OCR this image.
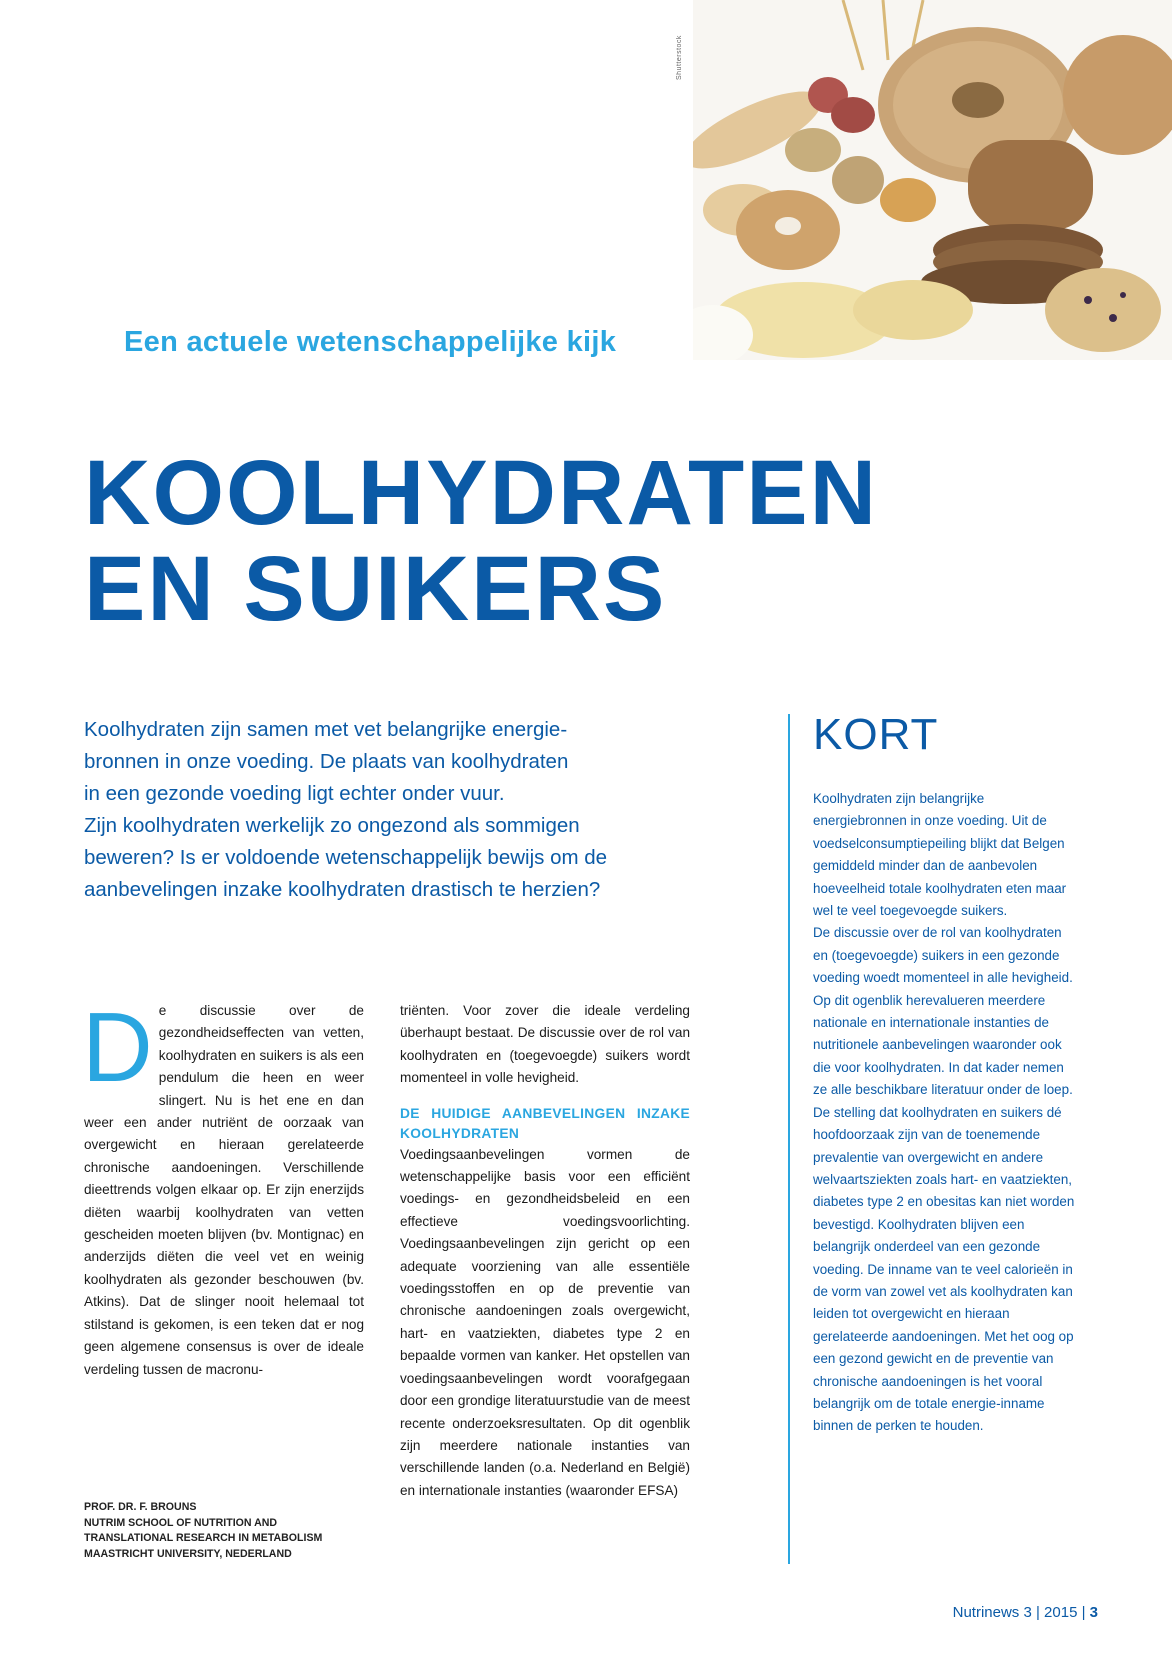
Shutterstock
Een actuele wetenschappelijke kijk
KOOLHYDRATEN
EN SUIKERS

Koolhydraten zijn samen met vet belangrijke energie-

bronnen in onze voeding. De plaats van koolhydraten

in een gezonde voeding ligt echter onder vuur.

Zijn koolhydraten werkelijk zo ongezond als sommigen

beweren? Is er voldoende wetenschappelijk bewijs om de

aanbevelingen inzake koolhydraten drastisch te herzien?

D e discussie over de gezondheidseffecten van vetten, koolhydraten en suikers is als een pendulum die heen en weer slingert. Nu is het ene en dan weer een ander nutriënt de oorzaak van overgewicht en hieraan gerelateerde chronische aandoeningen. Verschillende dieettrends volgen elkaar op. Er zijn enerzijds diëten waarbij koolhydraten van vetten gescheiden moeten blijven (bv. Montignac) en anderzijds diëten die veel vet en weinig koolhydraten als gezonder beschouwen (bv. Atkins). Dat de slinger nooit helemaal tot stilstand is gekomen, is een teken dat er nog geen algemene consensus is over de ideale verdeling tussen de macronu-

triënten. Voor zover die ideale verdeling überhaupt bestaat. De discussie over de rol van koolhydraten en (toegevoegde) suikers wordt momenteel in volle hevigheid.

DE HUIDIGE AANBEVELINGEN INZAKE KOOLHYDRATEN

Voedingsaanbevelingen vormen de wetenschappelijke basis voor een efficiënt voedings- en gezondheidsbeleid en een effectieve voedingsvoorlichting. Voedingsaanbevelingen zijn gericht op een adequate voorziening van alle essentiële voedingsstoffen en op de preventie van chronische aandoeningen zoals overgewicht, hart- en vaatziekten, diabetes type 2 en bepaalde vormen van kanker. Het opstellen van voedingsaanbevelingen wordt voorafgegaan door een grondige literatuurstudie van de meest recente onderzoeksresultaten. Op dit ogenblik zijn meerdere nationale instanties van verschillende landen (o.a. Nederland en België) en internationale instanties (waaronder EFSA)

PROF. DR. F. BROUNS
NUTRIM SCHOOL OF NUTRITION AND
TRANSLATIONAL RESEARCH IN METABOLISM
MAASTRICHT UNIVERSITY, NEDERLAND
KORT

Koolhydraten zijn belangrijke energiebronnen in onze voeding. Uit de voedselconsumptiepeiling blijkt dat Belgen gemiddeld minder dan de aanbevolen hoeveelheid totale koolhydraten eten maar wel te veel toegevoegde suikers.

De discussie over de rol van koolhydraten en (toegevoegde) suikers in een gezonde voeding woedt momenteel in alle hevigheid. Op dit ogenblik herevalueren meerdere nationale en internationale instanties de nutritionele aanbevelingen waaronder ook die voor koolhydraten. In dat kader nemen ze alle beschikbare literatuur onder de loep. De stelling dat koolhydraten en suikers dé hoofdoorzaak zijn van de toenemende prevalentie van overgewicht en andere welvaartsziekten zoals hart- en vaatziekten, diabetes type 2 en obesitas kan niet worden bevestigd. Koolhydraten blijven een belangrijk onderdeel van een gezonde voeding. De inname van te veel calorieën in de vorm van zowel vet als koolhydraten kan leiden tot overgewicht en hieraan gerelateerde aandoeningen. Met het oog op een gezond gewicht en de preventie van chronische aandoeningen is het vooral belangrijk om de totale energie-inname binnen de perken te houden.

Nutrinews 3 | 2015 | 3
